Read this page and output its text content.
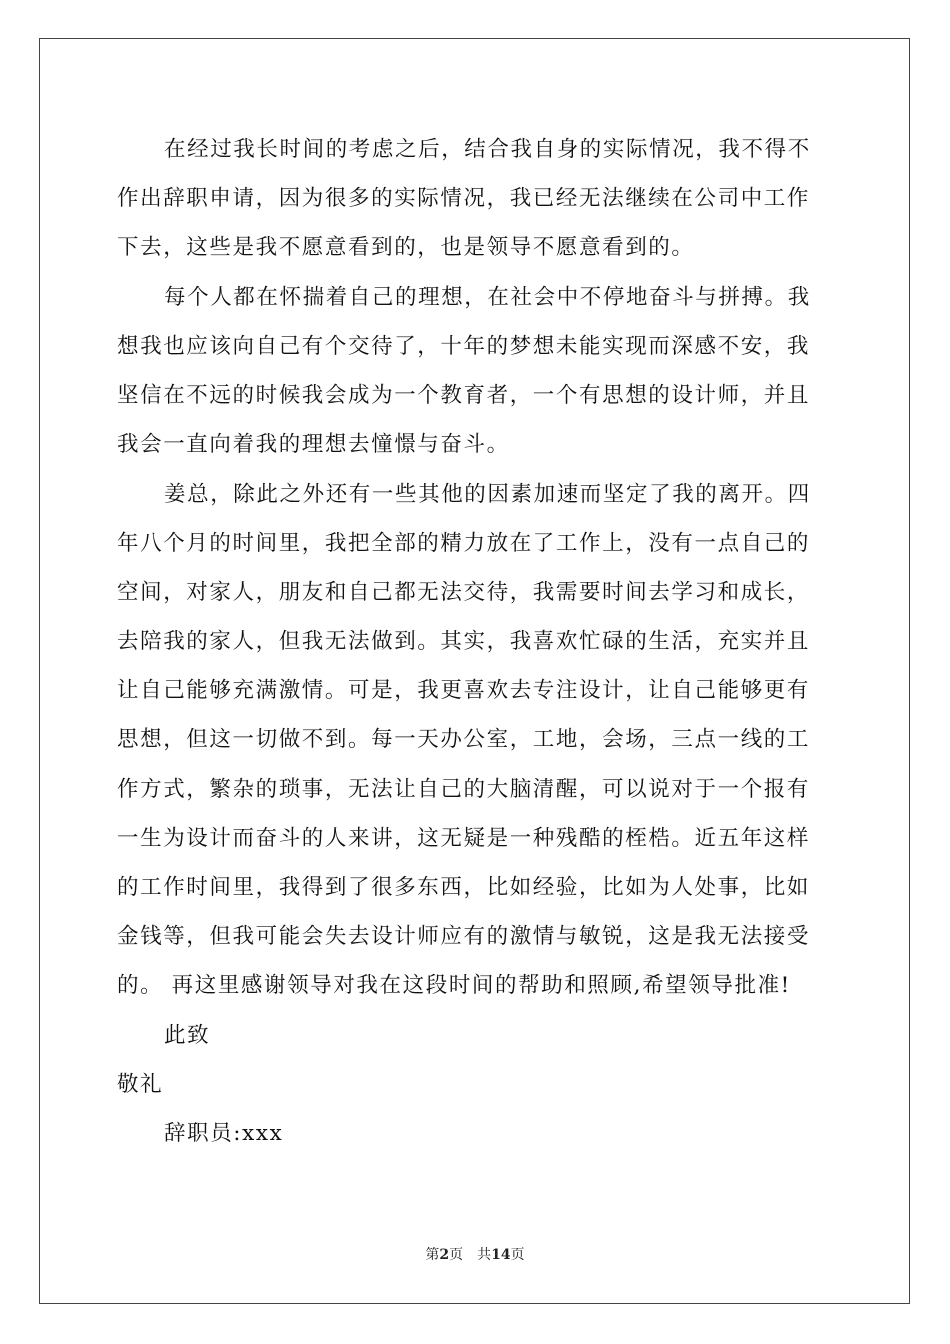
在经过我长时间的考虑之后，结合我自身的实际情况，我不得不
作出辞职申请，因为很多的实际情况，我已经无法继续在公司中工作
下去，这些是我不愿意看到的，也是领导不愿意看到的。
每个人都在怀揣着自己的理想，在社会中不停地奋斗与拼搏。我
想我也应该向自己有个交待了，十年的梦想未能实现而深感不安，我
坚信在不远的时候我会成为一个教育者，一个有思想的设计师，并且
我会一直向着我的理想去憧憬与奋斗。
姜总，除此之外还有一些其他的因素加速而坚定了我的离开。四
年八个月的时间里，我把全部的精力放在了工作上，没有一点自己的
空间，对家人，朋友和自己都无法交待，我需要时间去学习和成长，
去陪我的家人，但我无法做到。其实，我喜欢忙碌的生活，充实并且
让自己能够充满激情。可是，我更喜欢去专注设计，让自己能够更有
思想，但这一切做不到。每一天办公室，工地，会场，三点一线的工
作方式，繁杂的琐事，无法让自己的大脑清醒，可以说对于一个报有
一生为设计而奋斗的人来讲，这无疑是一种残酷的桎梏。近五年这样
的工作时间里，我得到了很多东西，比如经验，比如为人处事，比如
金钱等，但我可能会失去设计师应有的激情与敏锐，这是我无法接受
的。 再这里感谢领导对我在这段时间的帮助和照顾,希望领导批准!
此致
敬礼
辞职员:xxx
第2页 共14页
